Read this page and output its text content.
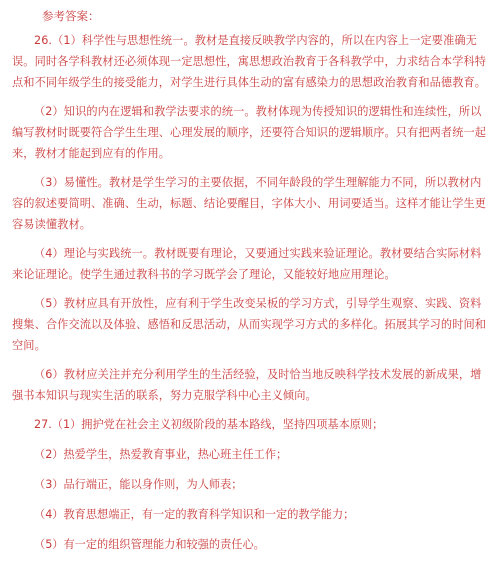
参考答案：

26.（1）科学性与思想性统一。教材是直接反映教学内容的，所以在内容上一定要准确无误。同时各学科教材还必须体现一定思想性，寓思想政治教育于各科教学中，力求结合本学科特点和不同年级学生的接受能力，对学生进行具体生动的富有感染力的思想政治教育和品德教育。

（2）知识的内在逻辑和教学法要求的统一。教材体现为传授知识的逻辑性和连续性，所以编写教材时既要符合学生生理、心理发展的顺序，还要符合知识的逻辑顺序。只有把两者统一起来，教材才能起到应有的作用。

（3）易懂性。教材是学生学习的主要依据，不同年龄段的学生理解能力不同，所以教材内容的叙述要简明、准确、生动，标题、结论要醒目，字体大小、用词要适当。这样才能让学生更容易读懂教材。

（4）理论与实践统一。教材既要有理论，又要通过实践来验证理论。教材要结合实际材料来论证理论。使学生通过教科书的学习既学会了理论，又能较好地应用理论。

（5）教材应具有开放性，应有利于学生改变呆板的学习方式，引导学生观察、实践、资料搜集、合作交流以及体验、感悟和反思活动，从而实现学习方式的多样化。拓展其学习的时间和空间。

（6）教材应关注并充分利用学生的生活经验，及时恰当地反映科学技术发展的新成果，增强书本知识与现实生活的联系，努力克服学科中心主义倾向。

27.（1）拥护党在社会主义初级阶段的基本路线，坚持四项基本原则；

（2）热爱学生，热爱教育事业，热心班主任工作；

（3）品行端正，能以身作则，为人师表；

（4）教育思想端正，有一定的教育科学知识和一定的教学能力；

（5）有一定的组织管理能力和较强的责任心。
